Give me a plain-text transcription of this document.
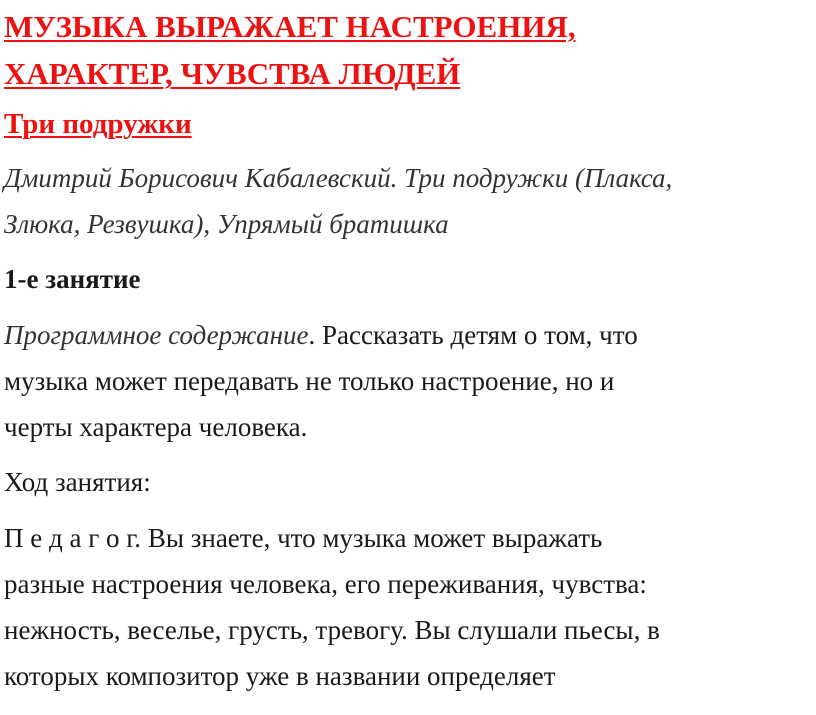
МУЗЫКА ВЫРАЖАЕТ НАСТРОЕНИЯ,
ХАРАКТЕР, ЧУВСТВА ЛЮДЕЙ
Три подружки

Дмитрий Борисович Кабалевский. Три подружки (Плакса,
Злюка, Резвушка), Упрямый братишка

1-е занятие

Программное содержание. Рассказать детям о том, что
музыка может передавать не только настроение, но и
черты характера человека.

Ход занятия:

П е д а г о г. Вы знаете, что музыка может выражать
разные настроения человека, его переживания, чувства:
нежность, веселье, грусть, тревогу. Вы слушали пьесы, в
которых композитор уже в названии определяет
